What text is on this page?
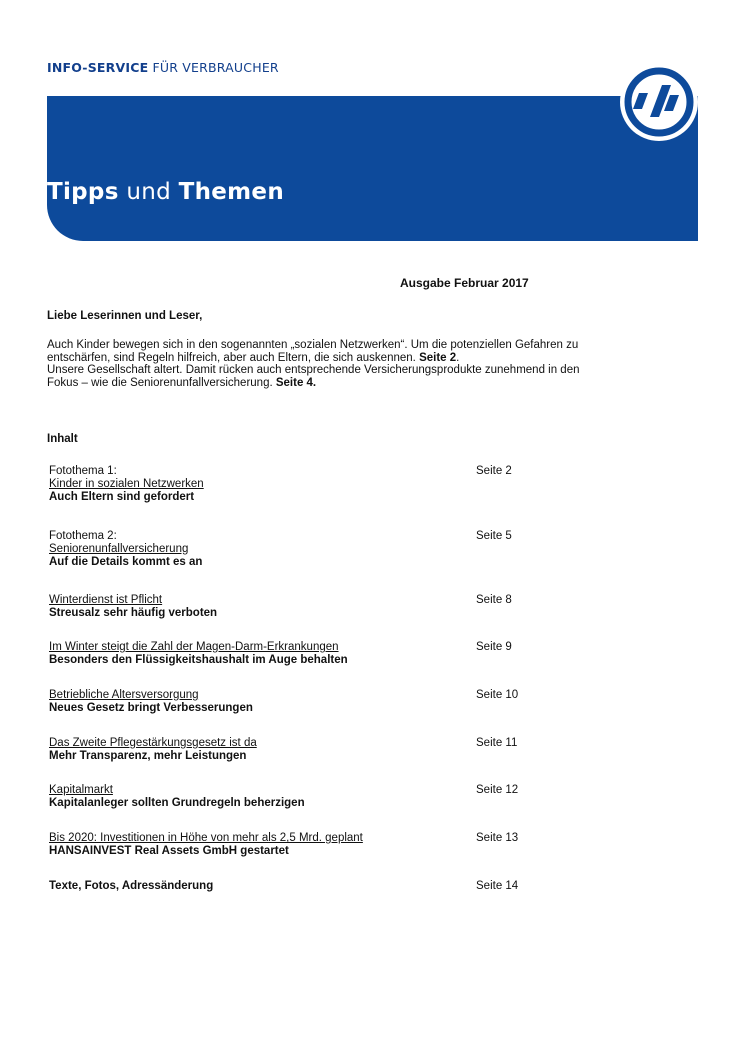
INFO-SERVICE FÜR VERBRAUCHER
Tipps und Themen
Ausgabe Februar 2017
Liebe Leserinnen und Leser,
Auch Kinder bewegen sich in den sogenannten „sozialen Netzwerken“. Um die potenziellen Gefahren zu entschärfen, sind Regeln hilfreich, aber auch Eltern, die sich auskennen. Seite 2.
Unsere Gesellschaft altert. Damit rücken auch entsprechende Versicherungsprodukte zunehmend in den Fokus – wie die Seniorenunfallversicherung. Seite 4.
Inhalt
Fotothema 1:
Kinder in sozialen Netzwerken
Auch Eltern sind gefordert
Seite 2
Fotothema 2:
Seniorenunfallversicherung
Auf die Details kommt es an
Seite 5
Winterdienst ist Pflicht
Streusalz sehr häufig verboten
Seite 8
Im Winter steigt die Zahl der Magen-Darm-Erkrankungen
Besonders den Flüssigkeitshaushalt im Auge behalten
Seite 9
Betriebliche Altersversorgung
Neues Gesetz bringt Verbesserungen
Seite 10
Das Zweite Pflegestärkungsgesetz ist da
Mehr Transparenz, mehr Leistungen
Seite 11
Kapitalmarkt
Kapitalanleger sollten Grundregeln beherzigen
Seite 12
Bis 2020: Investitionen in Höhe von mehr als 2,5 Mrd. geplant
HANSAINVEST Real Assets GmbH gestartet
Seite 13
Texte, Fotos, Adressänderung	Seite 14
